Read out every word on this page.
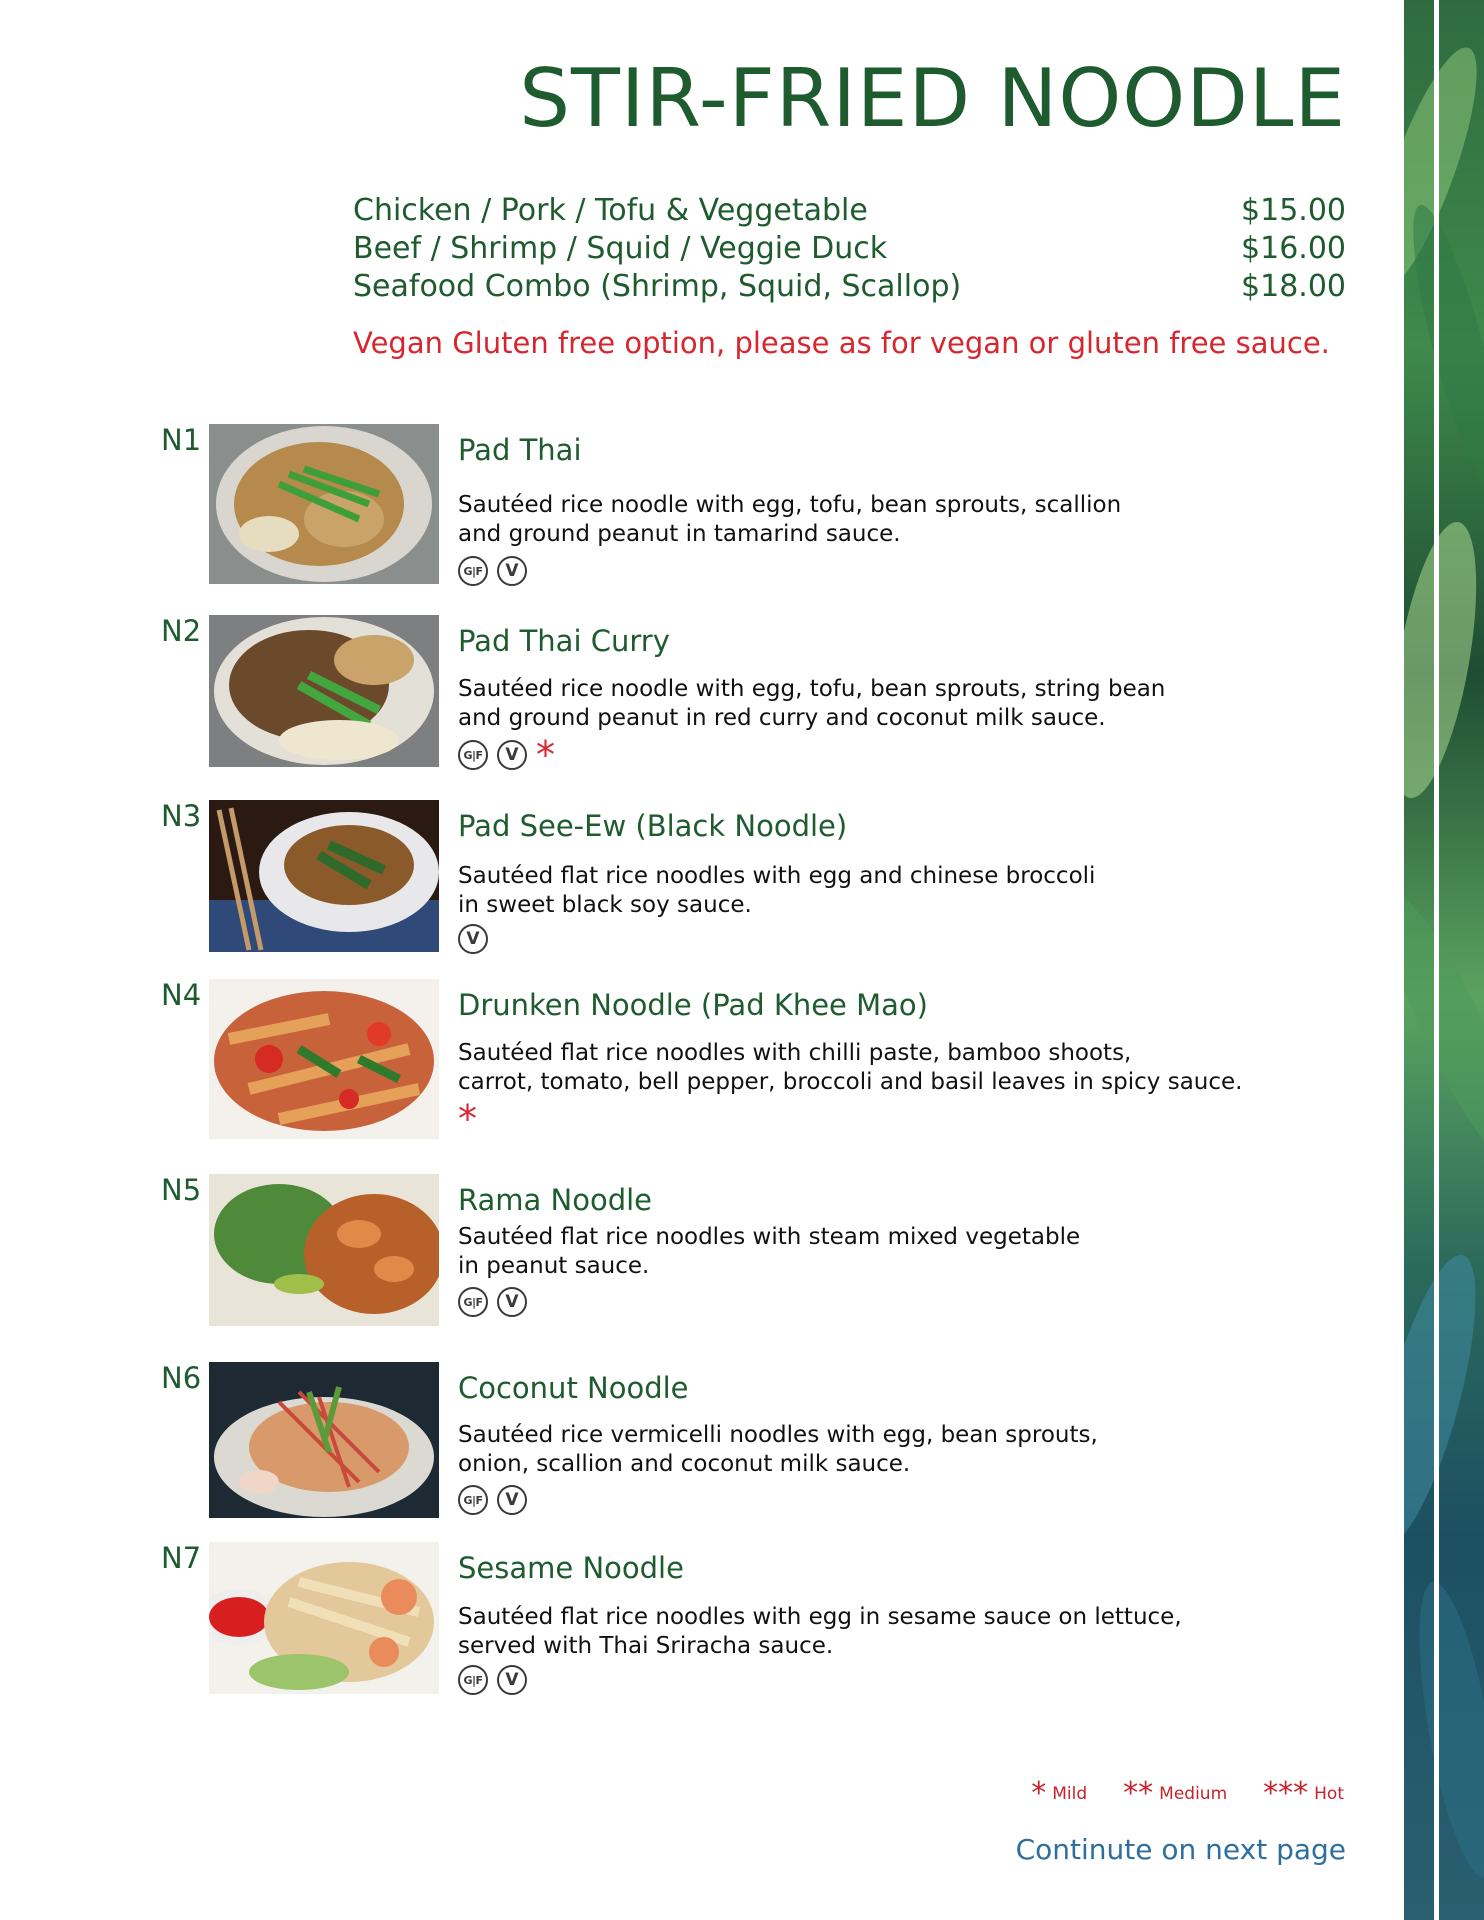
STIR-FRIED NOODLE
Chicken / Pork / Tofu & Veggetable	$15.00
Beef / Shrimp / Squid / Veggie Duck	$16.00
Seafood Combo (Shrimp, Squid, Scallop)	$18.00
Vegan Gluten free option, please as for vegan or gluten free sauce.
N1	Pad Thai
Sautéed rice noodle with egg, tofu, bean sprouts, scallion
and ground peanut in tamarind sauce.
G|F	V
N2	Pad Thai Curry
Sautéed rice noodle with egg, tofu, bean sprouts, string bean
and ground peanut in red curry and coconut milk sauce.
G|F	V *
N3	Pad See-Ew (Black Noodle)
Sautéed flat rice noodles with egg and chinese broccoli
in sweet black soy sauce.
V
N4	Drunken Noodle (Pad Khee Mao)
Sautéed flat rice noodles with chilli paste, bamboo shoots,
carrot, tomato, bell pepper, broccoli and basil leaves in spicy sauce.
*
N5	Rama Noodle
Sautéed flat rice noodles with steam mixed vegetable
in peanut sauce.
G|F	V
N6	Coconut Noodle
Sautéed rice vermicelli noodles with egg, bean sprouts,
onion, scallion and coconut milk sauce.
G|F	V
N7	Sesame Noodle
Sautéed flat rice noodles with egg in sesame sauce on lettuce,
served with Thai Sriracha sauce.
G|F	V
* Mild ** Medium *** Hot
Continute on next page
